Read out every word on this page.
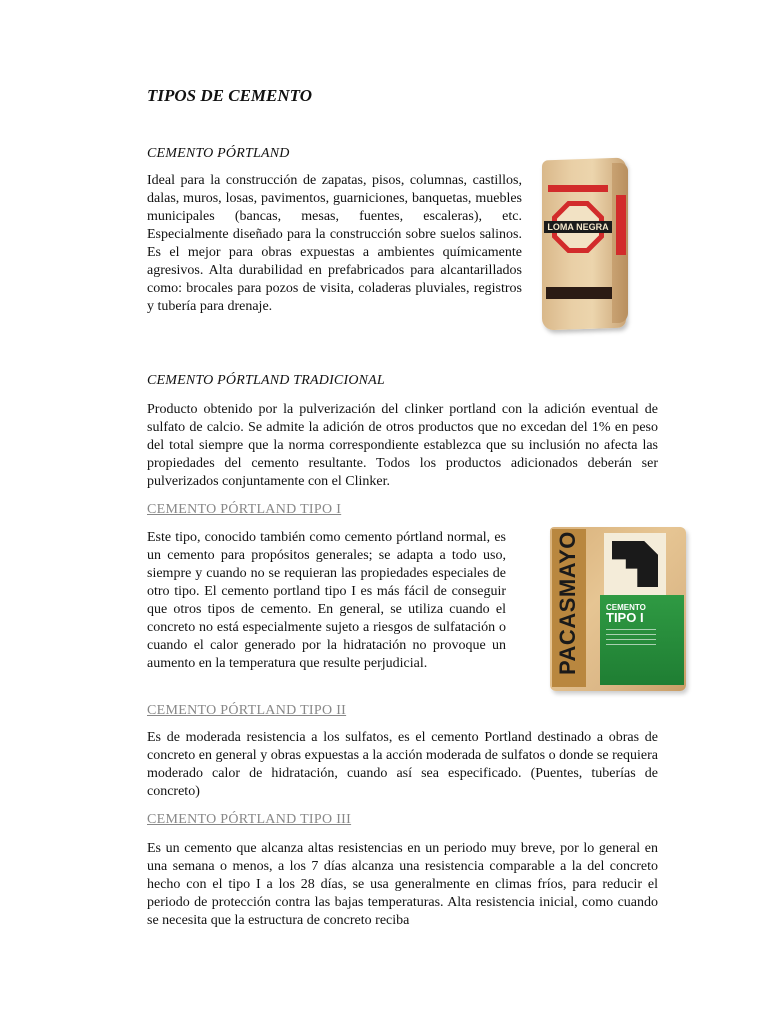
TIPOS DE CEMENTO

CEMENTO PÓRTLAND

Ideal para la construcción de zapatas, pisos, columnas, castillos, dalas, muros, losas, pavimentos, guarniciones, banquetas, muebles municipales (bancas, mesas, fuentes, escaleras), etc. Especialmente diseñado para la construcción sobre suelos salinos. Es el mejor para obras expuestas a ambientes químicamente agresivos. Alta durabilidad en prefabricados para alcantarillados como: brocales para pozos de visita, coladeras pluviales, registros y tubería para drenaje.

LOMA NEGRA

CEMENTO PÓRTLAND TRADICIONAL

Producto obtenido por la pulverización del clinker portland con la adición eventual de sulfato de calcio. Se admite la adición de otros productos que no excedan del 1% en peso del total siempre que la norma correspondiente establezca que su inclusión no afecta las propiedades del cemento resultante. Todos los productos adicionados deberán ser pulverizados conjuntamente con el Clinker.

CEMENTO PÓRTLAND TIPO I

Este tipo, conocido también como cemento pórtland normal, es un cemento para propósitos generales; se adapta a todo uso, siempre y cuando no se requieran las propiedades especiales de otro tipo. El cemento portland tipo I es más fácil de conseguir que otros tipos de cemento. En general, se utiliza cuando el concreto no está especialmente sujeto a riesgos de sulfatación o cuando el calor generado por la hidratación no provoque un aumento en la temperatura que resulte perjudicial.	PACASMAYO	CEMENTO
TIPO I

CEMENTO PÓRTLAND TIPO II

Es de moderada resistencia a los sulfatos, es el cemento Portland destinado a obras de concreto en general y obras expuestas a la acción moderada de sulfatos o donde se requiera moderado calor de hidratación, cuando así sea especificado. (Puentes, tuberías de concreto)

CEMENTO PÓRTLAND TIPO III

Es un cemento que alcanza altas resistencias en un periodo muy breve, por lo general en una semana o menos, a los 7 días alcanza una resistencia comparable a la del concreto hecho con el tipo I a los 28 días, se usa generalmente en climas fríos, para reducir el periodo de protección contra las bajas temperaturas. Alta resistencia inicial, como cuando se necesita que la estructura de concreto reciba
